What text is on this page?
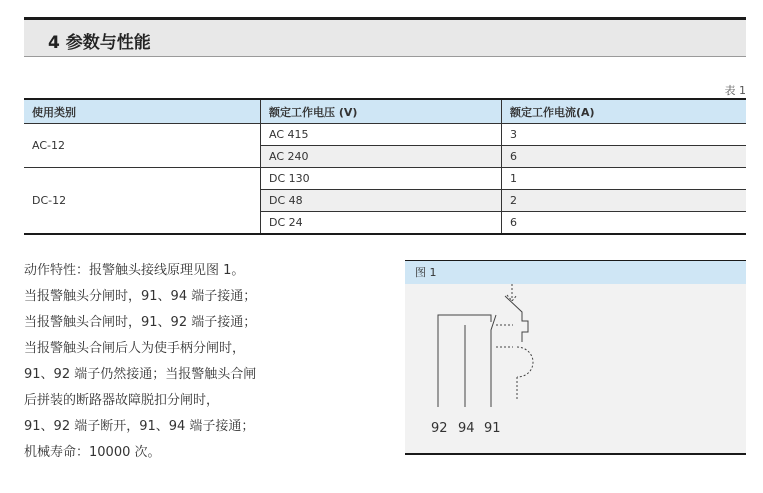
4 参数与性能
表 1
使用类别	额定工作电压 (V)	额定工作电流(A)
AC-12	AC 415	3
	AC 240	6
DC-12	DC 130	1
	DC 48	2
	DC 24	6
动作特性：报警触头接线原理见图 1。
当报警触头分闸时，91、94 端子接通；
当报警触头合闸时，91、92 端子接通；
当报警触头合闸后人为使手柄分闸时，
91、92 端子仍然接通；当报警触头合闸
后拼装的断路器故障脱扣分闸时，
91、92 端子断开，91、94 端子接通；
机械寿命：10000 次。
图 1
92 94 91
